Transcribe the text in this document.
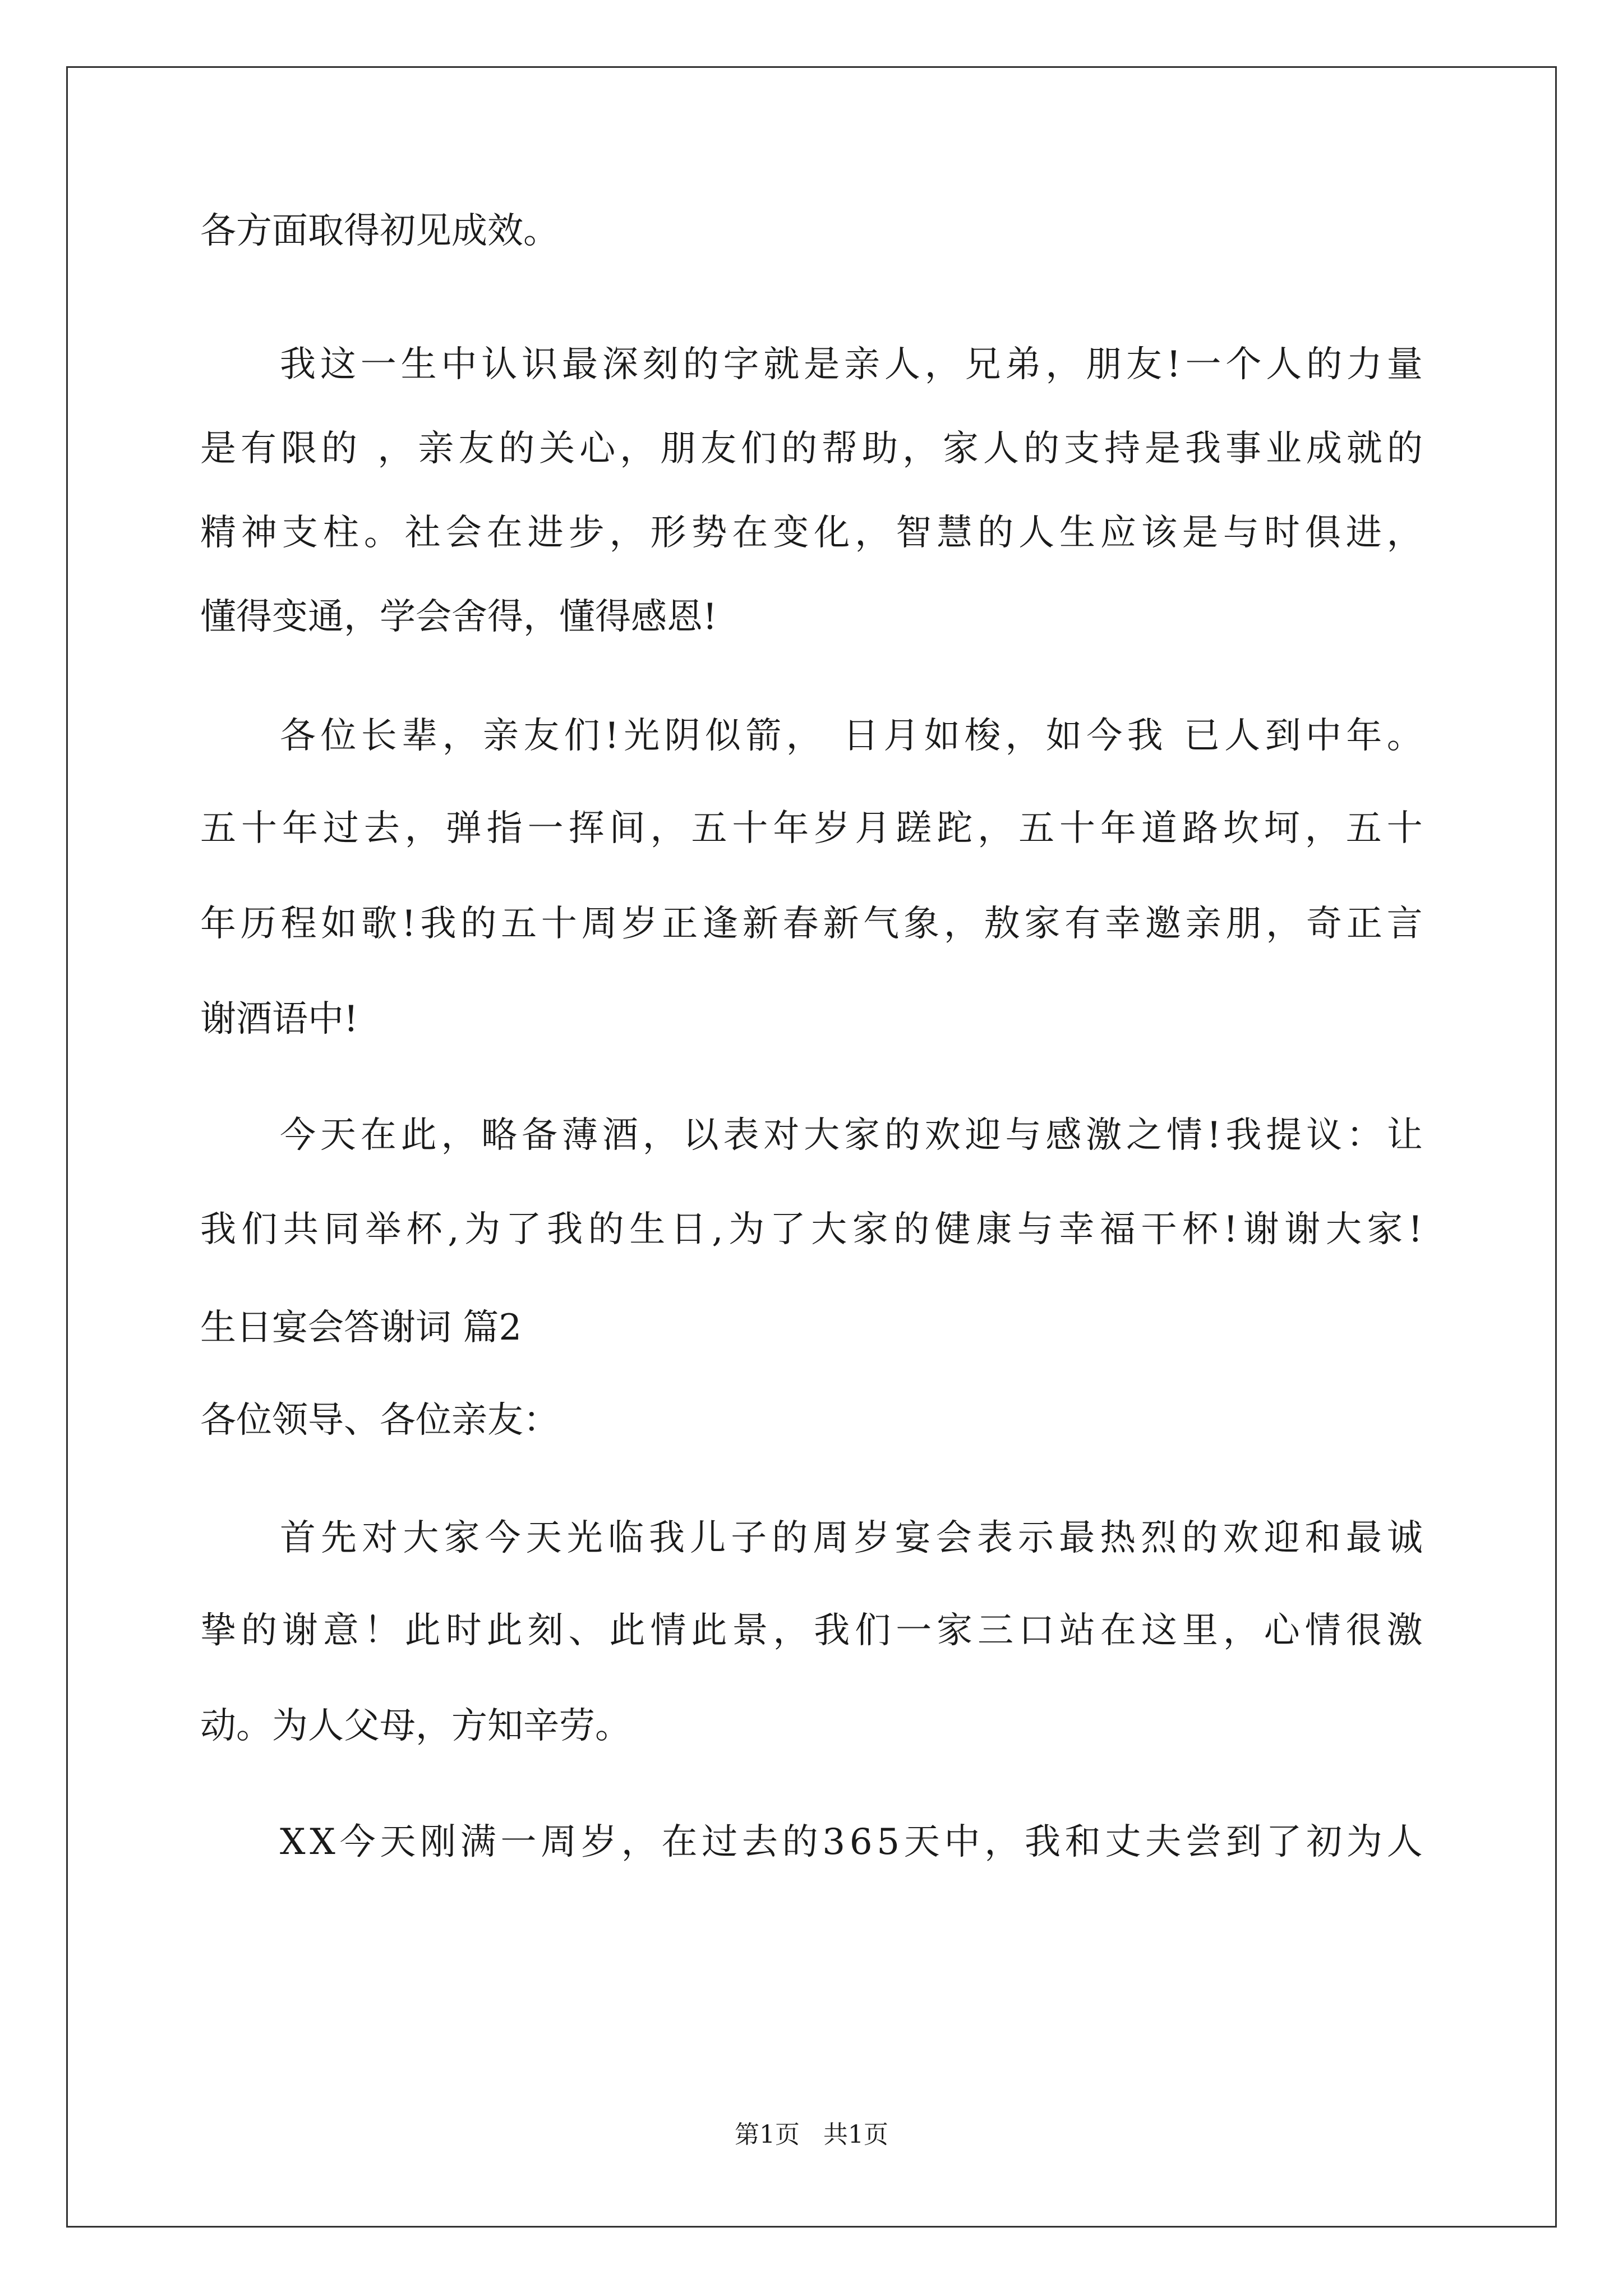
各方面取得初见成效。
我 这 一 生 中 认 识 最 深 刻 的 字 就 是 亲 人 ， 兄 弟 ， 朋 友 ! 一 个 人 的 力 量
是 有 限 的
， 亲 友 的 关 心 ， 朋 友 们 的 帮 助 ， 家 人 的 支 持 是 我 事 业 成 就 的
精 神 支 柱 。 社 会 在 进 步 ， 形 势 在 变 化 ， 智 慧 的 人 生 应 该 是 与 时 俱 进 ，
懂得变通，学会舍得，懂得感恩!
各 位 长 辈 ， 亲 友 们 ! 光 阴 似 箭 ，
日 月 如 梭 ， 如 今 我
已 人 到 中 年 。
五 十 年 过 去 ， 弹 指 一 挥 间 ， 五 十 年 岁 月 蹉 跎 ， 五 十 年 道 路 坎 坷 ， 五 十
年 历 程 如 歌 ! 我 的 五 十 周 岁 正 逢 新 春 新 气 象 ， 敖 家 有 幸 邀 亲 朋 ， 奇 正 言
谢酒语中!
今 天 在 此 ， 略 备 薄 酒 ， 以 表 对 大 家 的 欢 迎 与 感 激 之 情 ! 我 提 议 ： 让
我 们 共 同 举 杯 , 为 了 我 的 生 日 , 为 了 大 家 的 健 康 与 幸 福 干 杯 ! 谢 谢 大 家 !
生日宴会答谢词 篇2
各位领导、各位亲友：
首 先 对 大 家 今 天 光 临 我 儿 子 的 周 岁 宴 会 表 示 最 热 烈 的 欢 迎 和 最 诚
挚 的 谢 意 ！ 此 时 此 刻 、 此 情 此 景 ， 我 们 一 家 三 口 站 在 这 里 ， 心 情 很 激
动。为人父母，方知辛劳。
X X 今 天 刚 满 一 周 岁 ， 在 过 去 的 3 6 5 天 中 ， 我 和 丈 夫 尝 到 了 初 为 人
第1页   共1页
